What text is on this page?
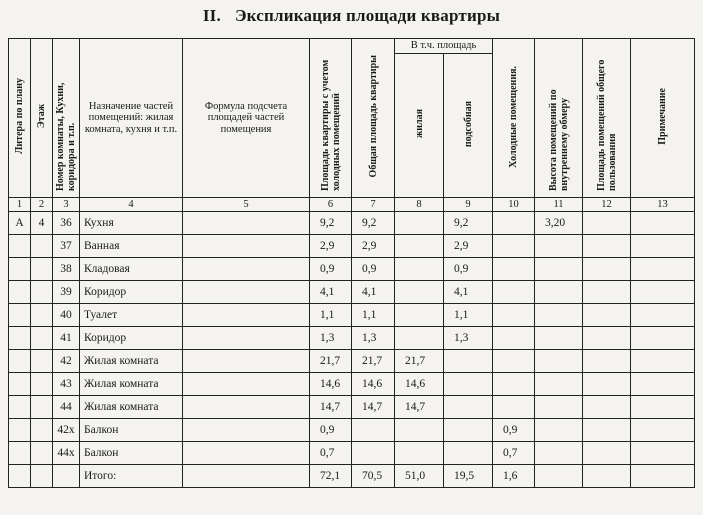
II. Экспликация площади квартиры
Литера по плану	Этаж	Номер комнаты, Кухни, коридора и т.п.	Назначение частей помещений: жилая комната, кухня и т.п.	Формула подсчета площадей частей помещения	Площадь квартиры с учетом холодных помещений	Общая площадь квартиры	В т.ч. площадь		Холодные помещения.	Высота помещений по внутреннему обмеру	Площадь помещений общего пользования	Примечание
							жилая	подсобная				
1	2	3	4	5	6	7	8	9	10	11	12	13
А	4	36	Кухня		9,2	9,2		9,2		3,20		
		37	Ванная		2,9	2,9		2,9				
		38	Кладовая		0,9	0,9		0,9				
		39	Коридор		4,1	4,1		4,1				
		40	Туалет		1,1	1,1		1,1				
		41	Коридор		1,3	1,3		1,3				
		42	Жилая комната		21,7	21,7	21,7					
		43	Жилая комната		14,6	14,6	14,6					
		44	Жилая комната		14,7	14,7	14,7					
		42х	Балкон		0,9				0,9			
		44х	Балкон		0,7				0,7			
			Итого:		72,1	70,5	51,0	19,5	1,6			
